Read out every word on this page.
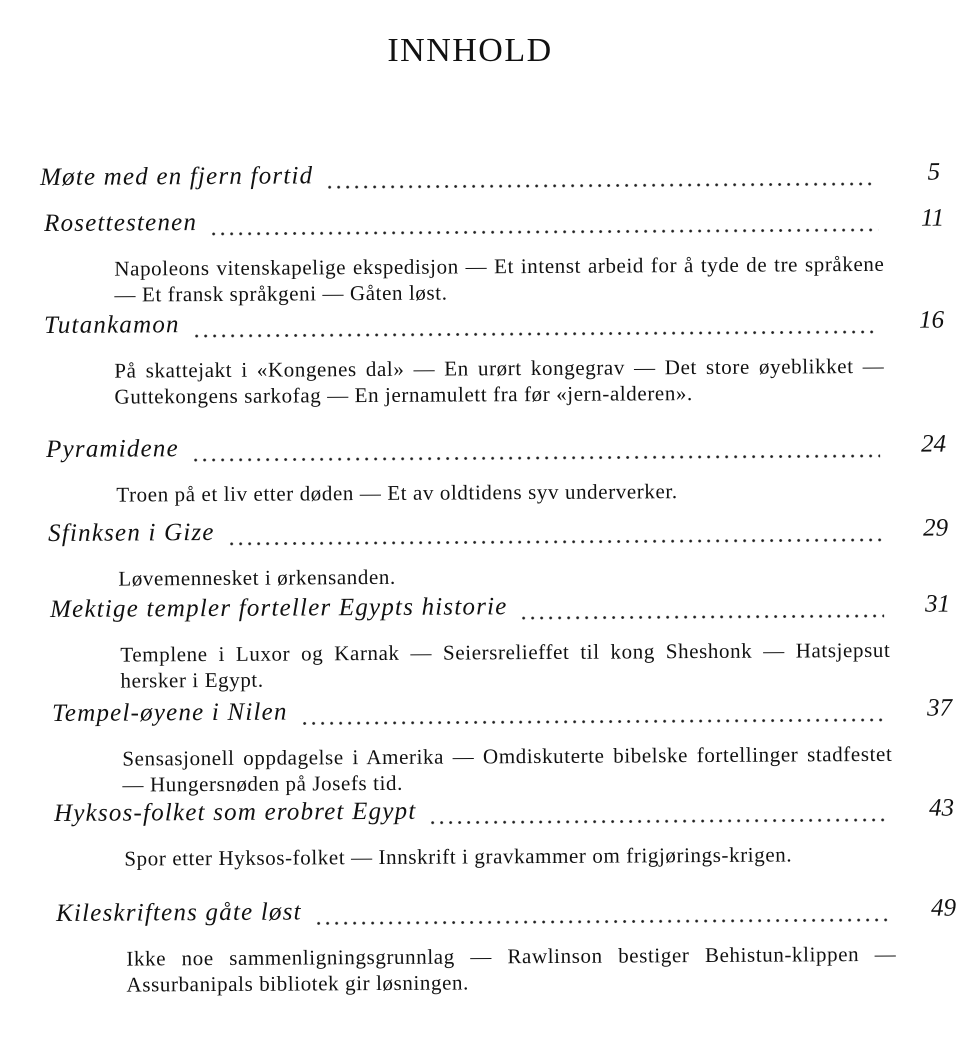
INNHOLD
Møte med en fjern fortid	5
Rosettestenen	11
Napoleons vitenskapelige ekspedisjon — Et intenst arbeid for å tyde de tre språkene — Et fransk språkgeni — Gåten løst.
Tutankamon	16
På skattejakt i «Kongenes dal» — En urørt kongegrav — Det store øyeblikket — Guttekongens sarkofag — En jernamulett fra før «jern-alderen».
Pyramidene	24
Troen på et liv etter døden — Et av oldtidens syv underverker.
Sfinksen i Gize	29
Løvemennesket i ørkensanden.
Mektige templer forteller Egypts historie	31
Templene i Luxor og Karnak — Seiersrelieffet til kong Sheshonk — Hatsjepsut hersker i Egypt.
Tempel-øyene i Nilen	37
Sensasjonell oppdagelse i Amerika — Omdiskuterte bibelske fortellinger stadfestet — Hungersnøden på Josefs tid.
Hyksos-folket som erobret Egypt	43
Spor etter Hyksos-folket — Innskrift i gravkammer om frigjørings-krigen.
Kileskriftens gåte løst	49
Ikke noe sammenligningsgrunnlag — Rawlinson bestiger Behistun-klippen — Assurbanipals bibliotek gir løsningen.
